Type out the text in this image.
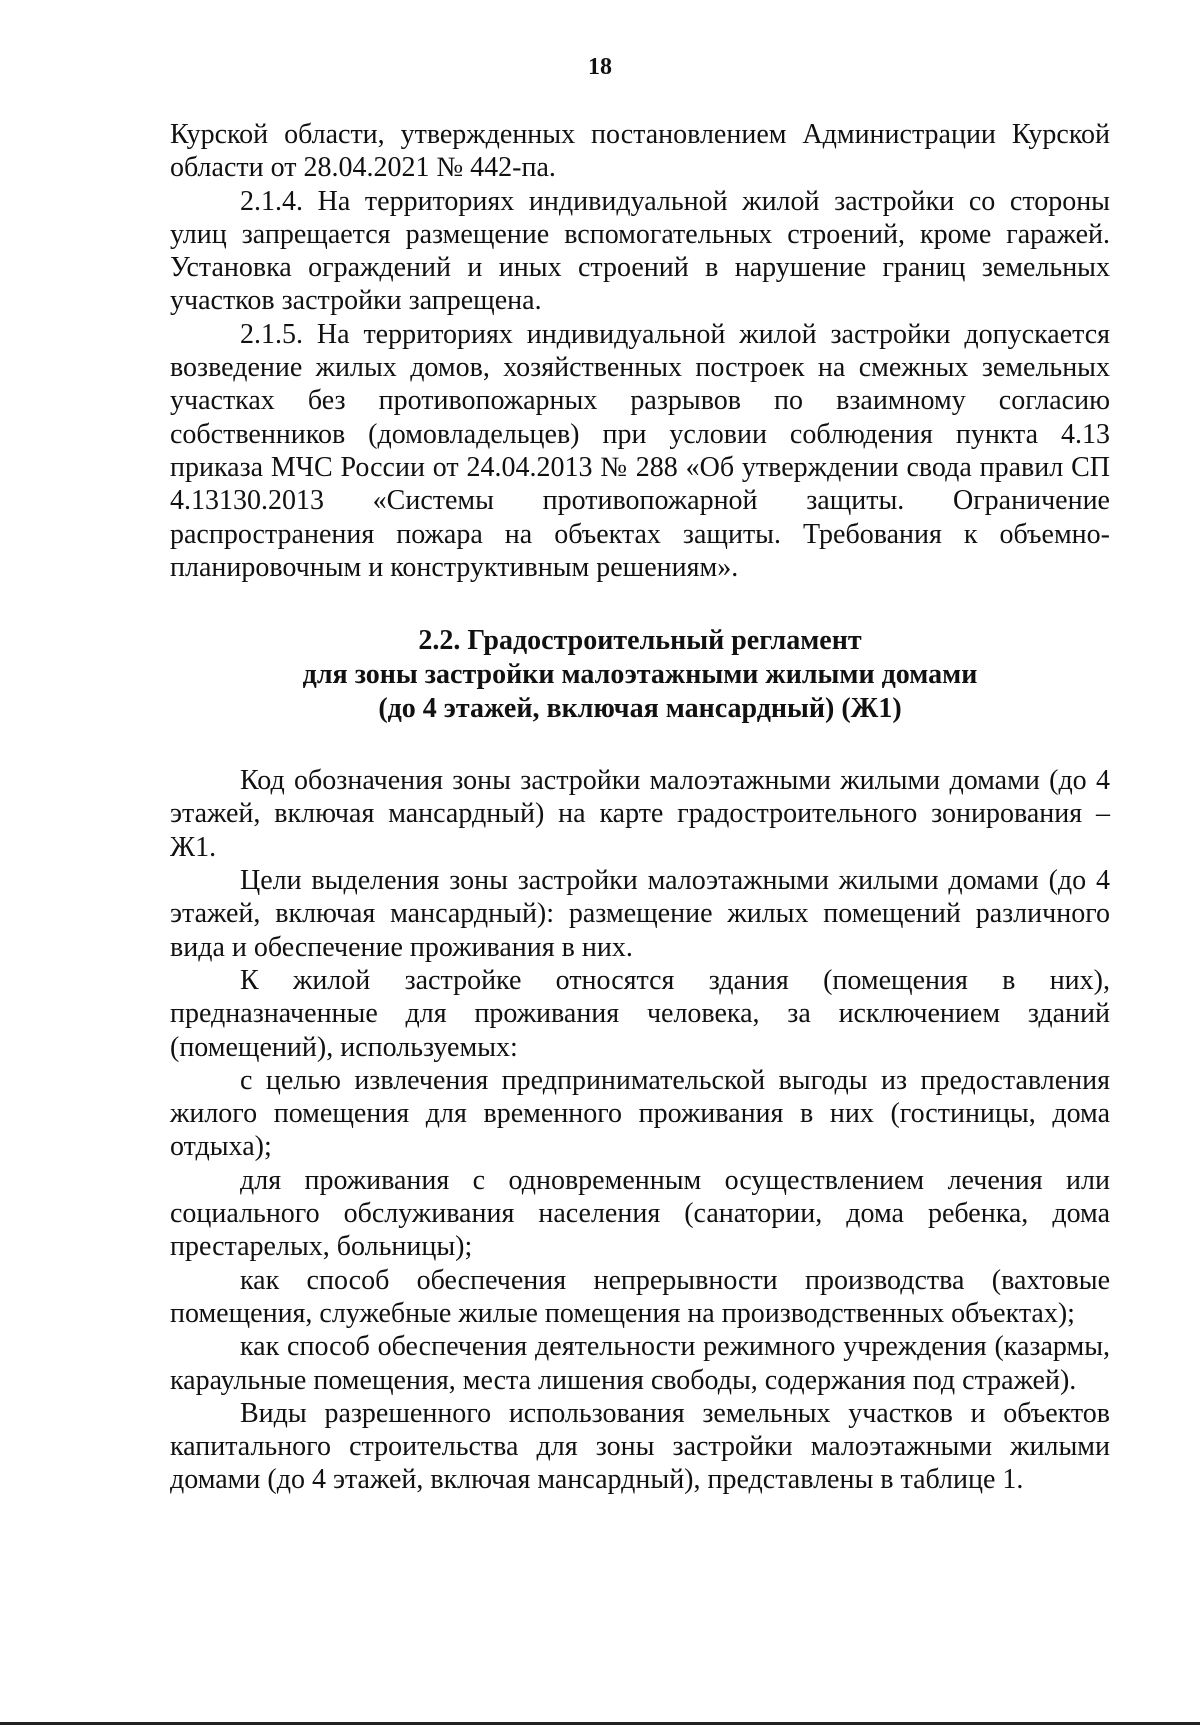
18

Курской области, утвержденных постановлением Администрации Курской области от 28.04.2021 № 442-па.

2.1.4. На территориях индивидуальной жилой застройки со стороны улиц запрещается размещение вспомогательных строений, кроме гаражей. Установка ограждений и иных строений в нарушение границ земельных участков застройки запрещена.

2.1.5. На территориях индивидуальной жилой застройки допускается возведение жилых домов, хозяйственных построек на смежных земельных участках без противопожарных разрывов по взаимному согласию собственников (домовладельцев) при условии соблюдения пункта 4.13 приказа МЧС России от 24.04.2013 № 288 «Об утверждении свода правил СП 4.13130.2013 «Системы противопожарной защиты. Ограничение распространения пожара на объектах защиты. Требования к объемно-планировочным и конструктивным решениям».

2.2. Градостроительный регламент
для зоны застройки малоэтажными жилыми домами
(до 4 этажей, включая мансардный) (Ж1)

Код обозначения зоны застройки малоэтажными жилыми домами (до 4 этажей, включая мансардный) на карте градостроительного зонирования – Ж1.

Цели выделения зоны застройки малоэтажными жилыми домами (до 4 этажей, включая мансардный): размещение жилых помещений различного вида и обеспечение проживания в них.

К жилой застройке относятся здания (помещения в них), предназначенные для проживания человека, за исключением зданий (помещений), используемых:

с целью извлечения предпринимательской выгоды из предоставления жилого помещения для временного проживания в них (гостиницы, дома отдыха);

для проживания с одновременным осуществлением лечения или социального обслуживания населения (санатории, дома ребенка, дома престарелых, больницы);

как способ обеспечения непрерывности производства (вахтовые помещения, служебные жилые помещения на производственных объектах);

как способ обеспечения деятельности режимного учреждения (казармы, караульные помещения, места лишения свободы, содержания под стражей).

Виды разрешенного использования земельных участков и объектов капитального строительства для зоны застройки малоэтажными жилыми домами (до 4 этажей, включая мансардный), представлены в таблице 1.
